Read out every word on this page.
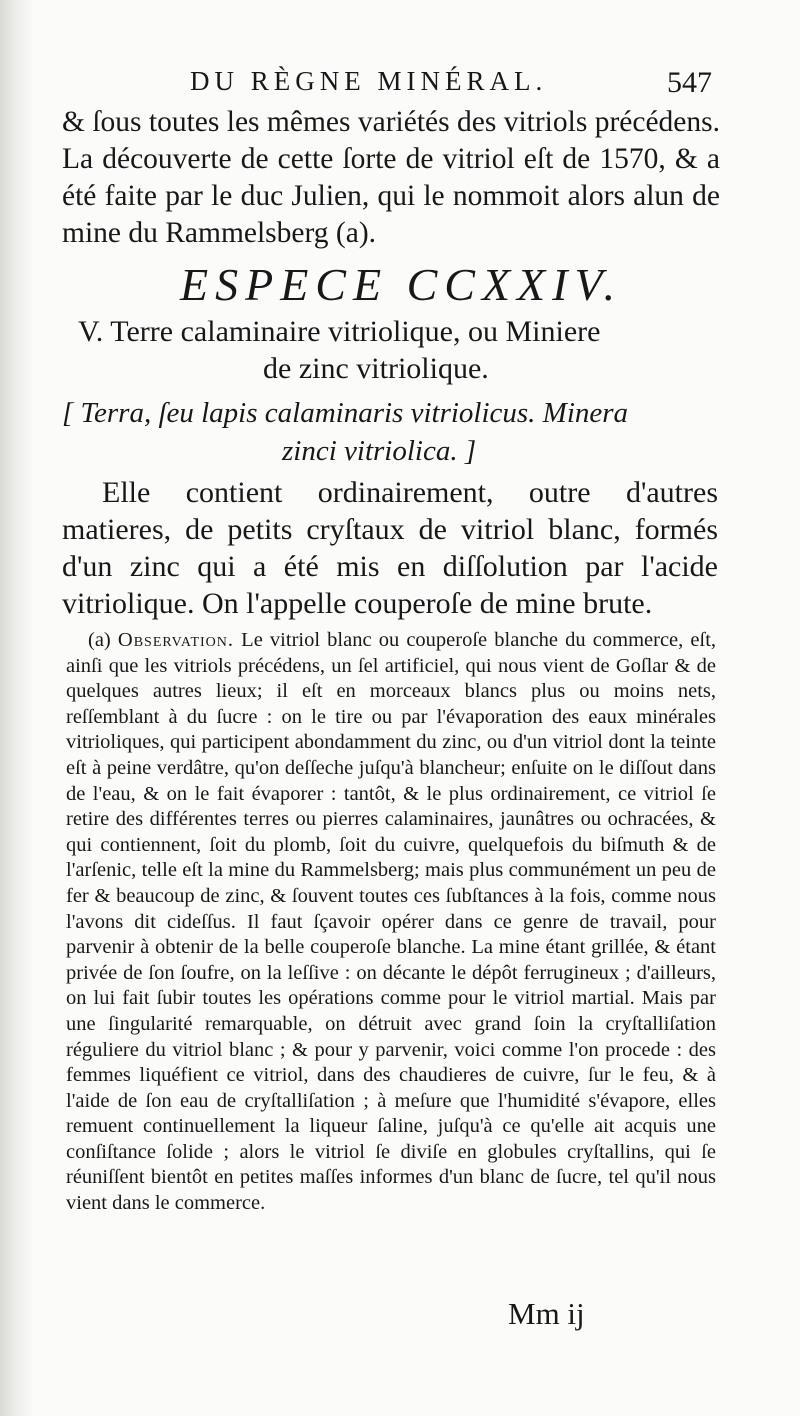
DU RÈGNE MINÉRAL.	547

& ſous toutes les mêmes variétés des vitriols précédens. La découverte de cette ſorte de vitriol eſt de 1570, & a été faite par le duc Julien, qui le nommoit alors alun de mine du Rammelsberg (a).

ESPECE CCXXIV.

V. Terre calaminaire vitriolique, ou Miniere

de zinc vitriolique.

[ Terra, ſeu lapis calaminaris vitriolicus. Minera

zinci vitriolica. ]

Elle contient ordinairement, outre d'autres matieres, de petits cryſtaux de vitriol blanc, formés d'un zinc qui a été mis en diſſolution par l'acide vitriolique. On l'appelle couperoſe de mine brute.

(a) Observation. Le vitriol blanc ou couperoſe blanche du commerce, eſt, ainſi que les vitriols précédens, un ſel artificiel, qui nous vient de Goſlar & de quelques autres lieux; il eſt en morceaux blancs plus ou moins nets, reſſemblant à du ſucre : on le tire ou par l'évaporation des eaux minérales vitrioliques, qui participent abondamment du zinc, ou d'un vitriol dont la teinte eſt à peine verdâtre, qu'on deſſeche juſqu'à blancheur; enſuite on le diſſout dans de l'eau, & on le fait évaporer : tantôt, & le plus ordinairement, ce vitriol ſe retire des différentes terres ou pierres calaminaires, jaunâtres ou ochracées, & qui contiennent, ſoit du plomb, ſoit du cuivre, quelquefois du biſmuth & de l'arſenic, telle eſt la mine du Rammelsberg; mais plus communément un peu de fer & beaucoup de zinc, & ſouvent toutes ces ſubſtances à la fois, comme nous l'avons dit cideſſus. Il faut ſçavoir opérer dans ce genre de travail, pour parvenir à obtenir de la belle couperoſe blanche. La mine étant grillée, & étant privée de ſon ſoufre, on la leſſive : on décante le dépôt ferrugineux ; d'ailleurs, on lui fait ſubir toutes les opérations comme pour le vitriol martial. Mais par une ſingularité remarquable, on détruit avec grand ſoin la cryſtalliſation réguliere du vitriol blanc ; & pour y parvenir, voici comme l'on procede : des femmes liquéfient ce vitriol, dans des chaudieres de cuivre, ſur le feu, & à l'aide de ſon eau de cryſtalliſation ; à meſure que l'humidité s'évapore, elles remuent continuellement la liqueur ſaline, juſqu'à ce qu'elle ait acquis une conſiſtance ſolide ; alors le vitriol ſe diviſe en globules cryſtallins, qui ſe réuniſſent bientôt en petites maſſes informes d'un blanc de ſucre, tel qu'il nous vient dans le commerce.

Mm ij
